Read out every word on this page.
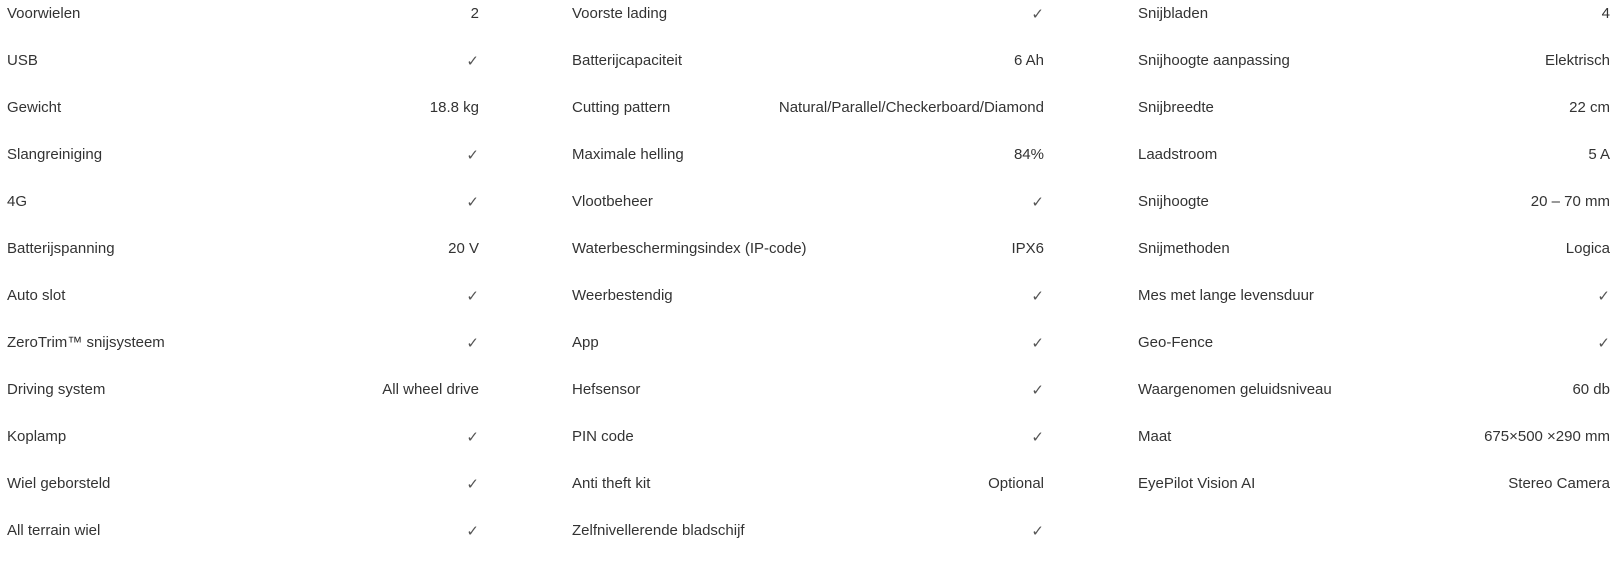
Voorwielen	2
USB	✓
Gewicht	18.8 kg
Slangreiniging	✓
4G	✓
Batterijspanning	20 V
Auto slot	✓
ZeroTrim™ snijsysteem	✓
Driving system	All wheel drive
Koplamp	✓
Wiel geborsteld	✓
All terrain wiel	✓
Voorste lading	✓
Batterijcapaciteit	6 Ah
Cutting pattern	Natural/Parallel/Checkerboard/Diamond
Maximale helling	84%
Vlootbeheer	✓
Waterbeschermingsindex (IP-code)	IPX6
Weerbestendig	✓
App	✓
Hefsensor	✓
PIN code	✓
Anti theft kit	Optional
Zelfnivellerende bladschijf	✓
Snijbladen	4
Snijhoogte aanpassing	Elektrisch
Snijbreedte	22 cm
Laadstroom	5 A
Snijhoogte	20 – 70 mm
Snijmethoden	Logica
Mes met lange levensduur	✓
Geo-Fence	✓
Waargenomen geluidsniveau	60 db
Maat	675×500 ×290 mm
EyePilot Vision AI	Stereo Camera
